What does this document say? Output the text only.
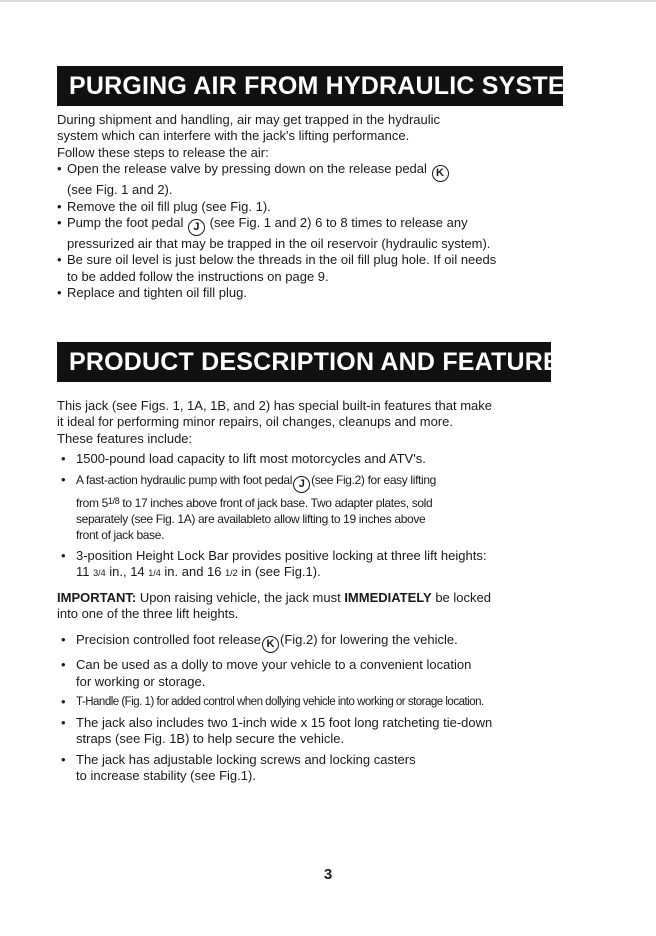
PURGING AIR FROM HYDRAULIC SYSTEM

During shipment and handling, air may get trapped in the hydraulic

system which can interfere with the jack's lifting performance.

Follow these steps to release the air:

• Open the release valve by pressing down on the release pedal K
(see Fig. 1 and 2).
• Remove the oil fill plug (see Fig. 1).
• Pump the foot pedal J (see Fig. 1 and 2) 6 to 8 times to release any
pressurized air that may be trapped in the oil reservoir (hydraulic system).
• Be sure oil level is just below the threads in the oil fill plug hole. If oil needs
to be added follow the instructions on page 9.
• Replace and tighten oil fill plug.
PRODUCT DESCRIPTION AND FEATURES

This jack (see Figs. 1, 1A, 1B, and 2) has special built-in features that make

it ideal for performing minor repairs, oil changes, cleanups and more.

These features include:

• 1500-pound load capacity to lift most motorcycles and ATV's.
• A fast-action hydraulic pump with foot pedal J (see Fig.2) for easy lifting
from $5^{1/8}$ to 17 inches above front of jack base. Two adapter plates, sold
separately (see Fig. 1A) are availableto allow lifting to 19 inches above
front of jack base.
• 3-position Height Lock Bar provides positive locking at three lift heights:
11 3/4 in., 14 1/4 in. and 16 1/2 in (see Fig.1).
IMPORTANT: Upon raising vehicle, the jack must IMMEDIATELY be locked
into one of the three lift heights.
• Precision controlled foot release K (Fig.2) for lowering the vehicle.
• Can be used as a dolly to move your vehicle to a convenient location
for working or storage.
• T-Handle (Fig. 1) for added control when dollying vehicle into working or storage location.
• The jack also includes two 1-inch wide x 15 foot long ratcheting tie-down
straps (see Fig. 1B) to help secure the vehicle.
• The jack has adjustable locking screws and locking casters
to increase stability (see Fig.1).
3
